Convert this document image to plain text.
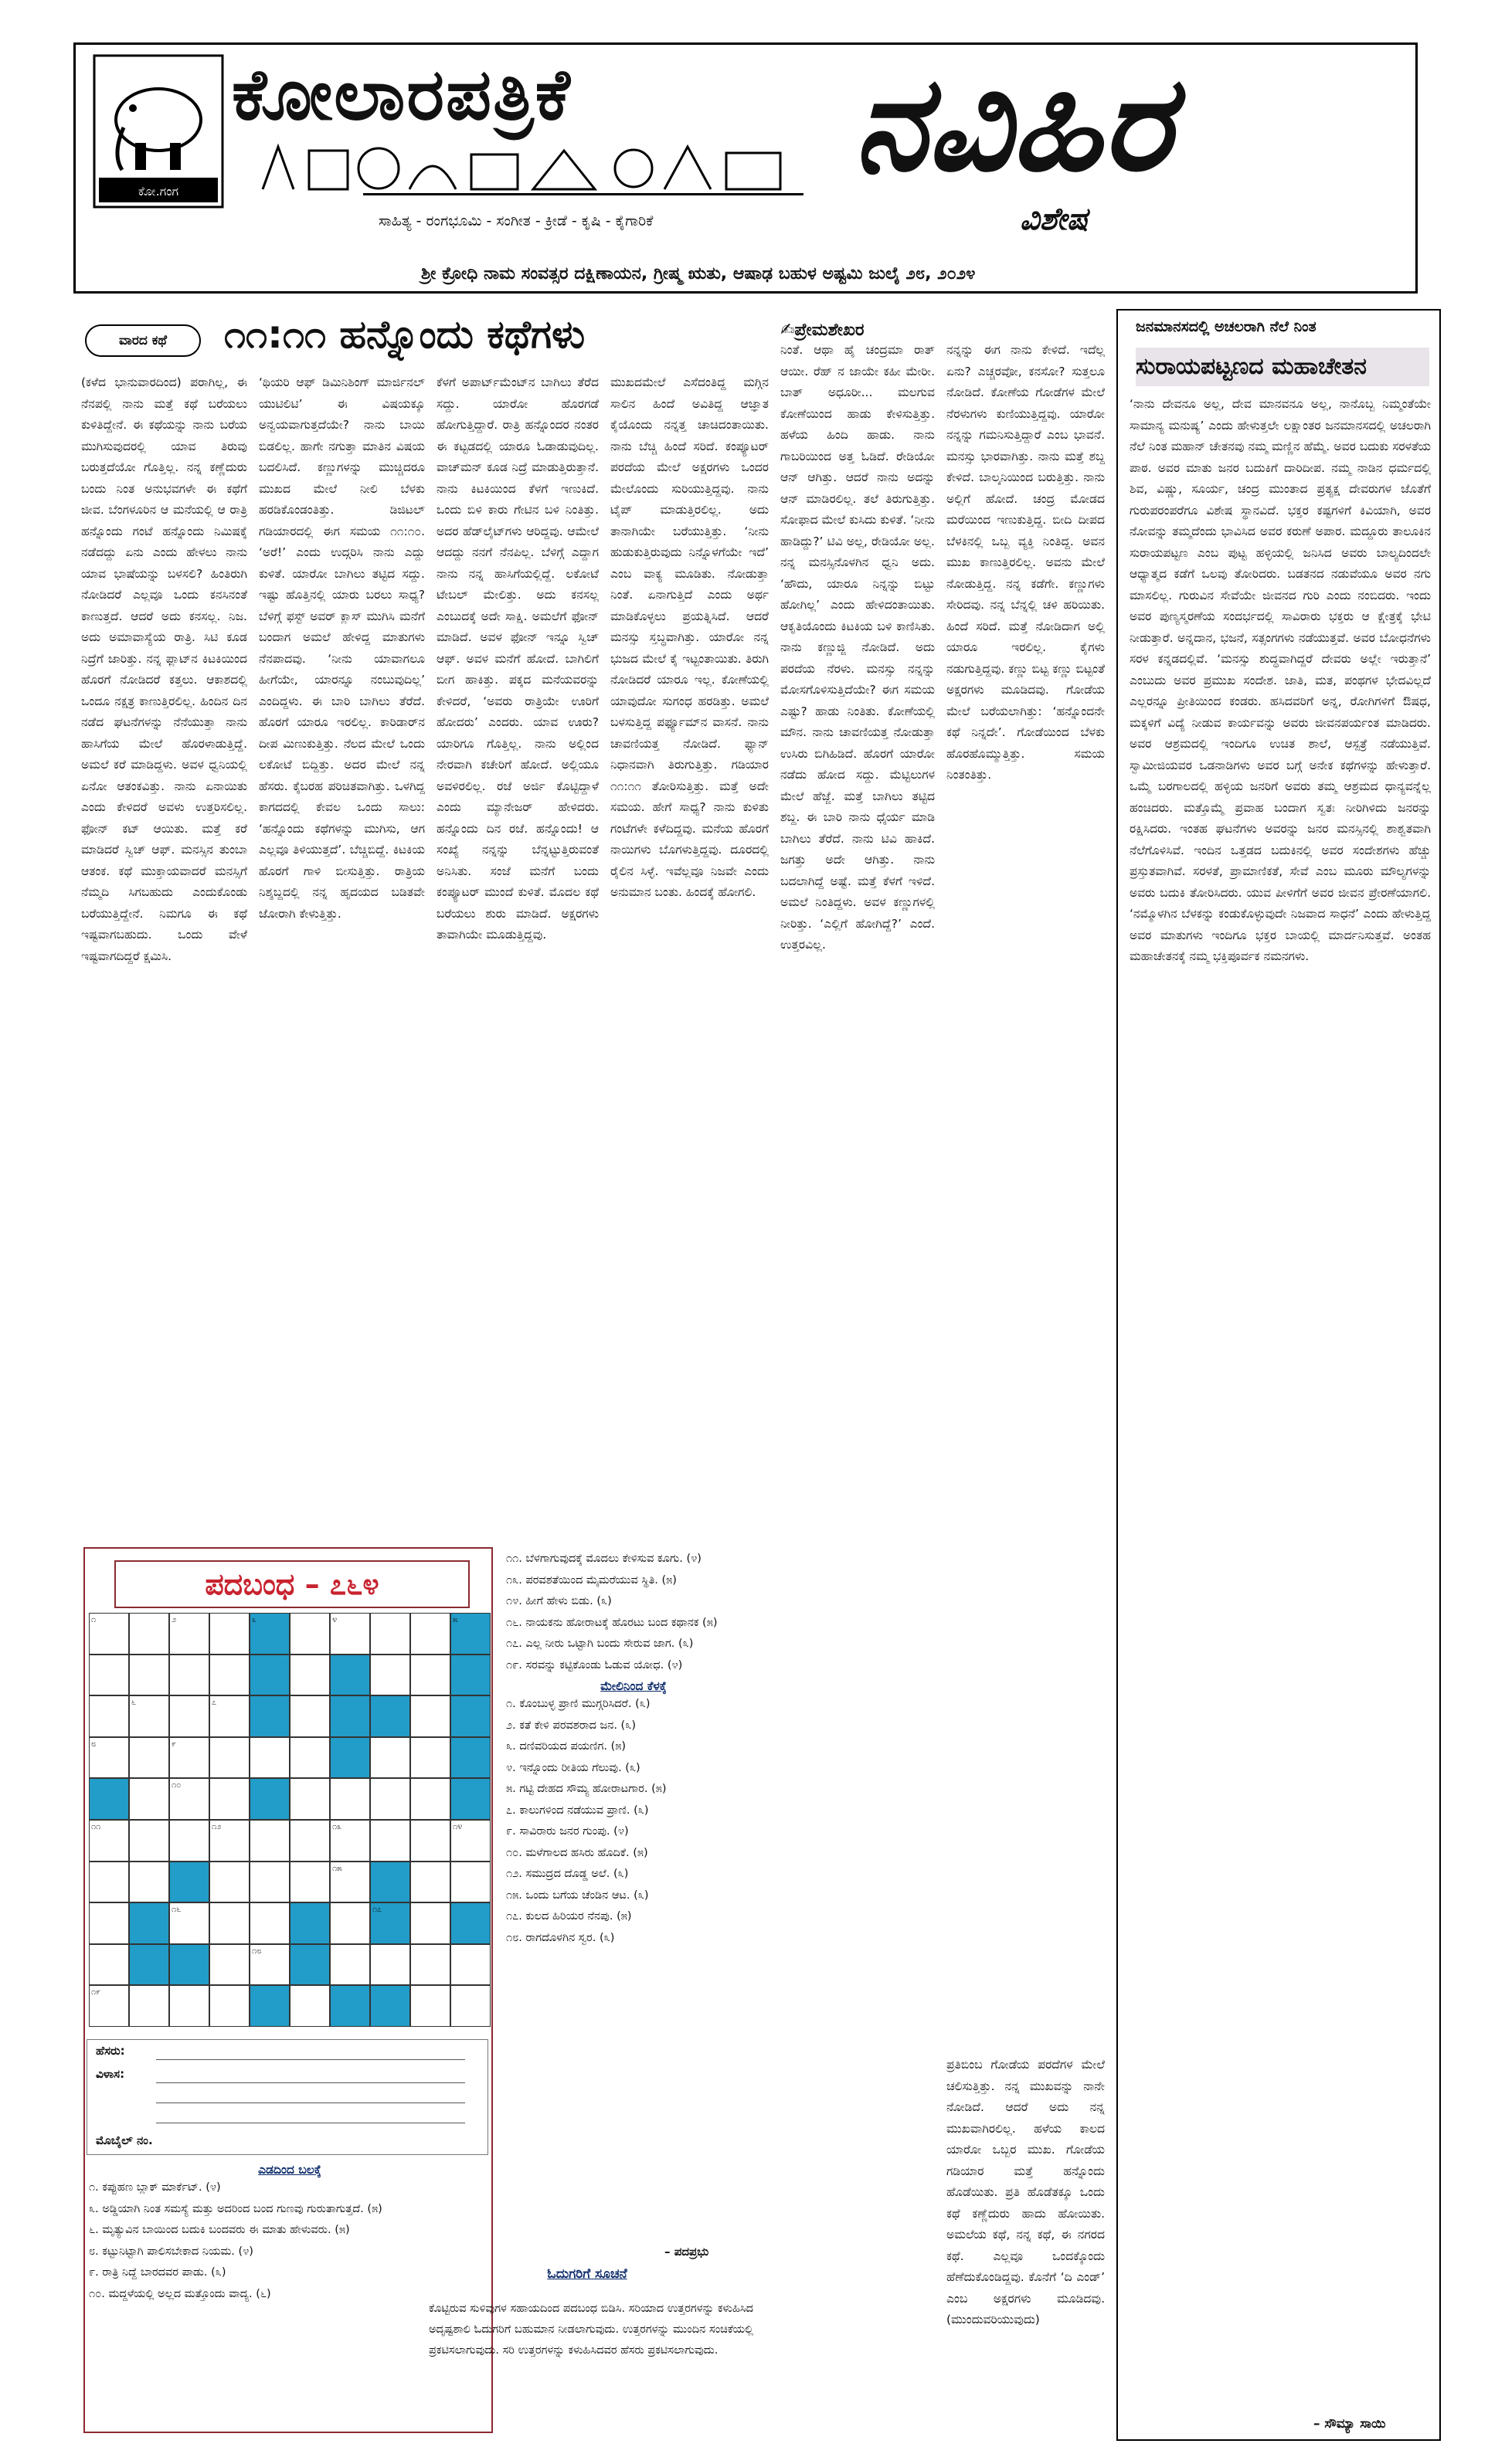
ಕೋ.ಗಂಗ
ಕೋಲಾರಪತ್ರಿಕೆ
ಸಾಹಿತ್ಯ - ರಂಗಭೂಮಿ - ಸಂಗೀತ - ಕ್ರೀಡೆ - ಕೃಷಿ - ಕೈಗಾರಿಕೆ
ನವಿಹಿರ
ವಿಶೇಷ
ಶ್ರೀ ಕ್ರೋಧಿ ನಾಮ ಸಂವತ್ಸರ ದಕ್ಷಿಣಾಯನ, ಗ್ರೀಷ್ಮ ಋತು, ಆಷಾಢ ಬಹುಳ ಅಷ್ಟಮಿ ಜುಲೈ ೨೮, ೨೦೨೪
ವಾರದ ಕಥೆ	೧೧:೧೧ ಹನ್ನೊಂದು ಕಥೆಗಳು	✍ಪ್ರೇಮಶೇಖರ
(ಕಳೆದ ಭಾನುವಾರದಿಂದ) ಪರಾಗಿಲ್ಲ, ಈ ನೆನಪಲ್ಲಿ ನಾನು ಮತ್ತೆ ಕಥೆ ಬರೆಯಲು ಕುಳಿತಿದ್ದೇನೆ. ಈ ಕಥೆಯನ್ನು ನಾನು ಬರೆಯ ಮುಗಿಸುವುದರಲ್ಲಿ ಯಾವ ತಿರುವು ಬರುತ್ತದೆಯೋ ಗೊತ್ತಿಲ್ಲ. ನನ್ನ ಕಣ್ಣೆದುರು ಬಂದು ನಿಂತ ಅನುಭವಗಳೇ ಈ ಕಥೆಗೆ ಜೀವ. ಬೆಂಗಳೂರಿನ ಆ ಮನೆಯಲ್ಲಿ ಆ ರಾತ್ರಿ ಹನ್ನೊಂದು ಗಂಟೆ ಹನ್ನೊಂದು ನಿಮಿಷಕ್ಕೆ ನಡೆದದ್ದು ಏನು ಎಂದು ಹೇಳಲು ನಾನು ಯಾವ ಭಾಷೆಯನ್ನು ಬಳಸಲಿ? ಹಿಂತಿರುಗಿ ನೋಡಿದರೆ ಎಲ್ಲವೂ ಒಂದು ಕನಸಿನಂತೆ ಕಾಣುತ್ತದೆ. ಆದರೆ ಅದು ಕನಸಲ್ಲ. ನಿಜ. ಅದು ಅಮಾವಾಸ್ಯೆಯ ರಾತ್ರಿ. ಸಿಟಿ ಕೂಡ ನಿದ್ರೆಗೆ ಜಾರಿತ್ತು. ನನ್ನ ಫ್ಲಾಟ್‌ನ ಕಿಟಕಿಯಿಂದ ಹೊರಗೆ ನೋಡಿದರೆ ಕತ್ತಲು. ಆಕಾಶದಲ್ಲಿ ಒಂದೂ ನಕ್ಷತ್ರ ಕಾಣುತ್ತಿರಲಿಲ್ಲ. ಹಿಂದಿನ ದಿನ ನಡೆದ ಘಟನೆಗಳನ್ನು ನೆನೆಯುತ್ತಾ ನಾನು ಹಾಸಿಗೆಯ ಮೇಲೆ ಹೊರಳಾಡುತ್ತಿದ್ದೆ. ಅಮಲೆ ಕರೆ ಮಾಡಿದ್ದಳು. ಅವಳ ಧ್ವನಿಯಲ್ಲಿ ಏನೋ ಆತಂಕವಿತ್ತು. ನಾನು ಏನಾಯಿತು ಎಂದು ಕೇಳಿದರೆ ಅವಳು ಉತ್ತರಿಸಲಿಲ್ಲ. ಫೋನ್ ಕಟ್ ಆಯಿತು. ಮತ್ತೆ ಕರೆ ಮಾಡಿದರೆ ಸ್ವಿಚ್ ಆಫ್. ಮನಸ್ಸಿನ ತುಂಬಾ ಆತಂಕ. ಕಥೆ ಮುಕ್ತಾಯವಾದರೆ ಮನಸ್ಸಿಗೆ ನೆಮ್ಮದಿ ಸಿಗಬಹುದು ಎಂದುಕೊಂಡು ಬರೆಯುತ್ತಿದ್ದೇನೆ. ನಿಮಗೂ ಈ ಕಥೆ ಇಷ್ಟವಾಗಬಹುದು. ಒಂದು ವೇಳೆ ಇಷ್ಟವಾಗದಿದ್ದರೆ ಕ್ಷಮಿಸಿ.
‘ಥಿಯರಿ ಆಫ್ ಡಿಮಿನಿಶಿಂಗ್ ಮಾರ್ಜಿನಲ್ ಯುಟಿಲಿಟಿ’ ಈ ವಿಷಯಕ್ಕೂ ಅನ್ವಯವಾಗುತ್ತದೆಯೇ? ನಾನು ಬಾಯಿ ಬಿಡಲಿಲ್ಲ. ಹಾಗೇ ನಗುತ್ತಾ ಮಾತಿನ ವಿಷಯ ಬದಲಿಸಿದೆ. ಕಣ್ಣುಗಳನ್ನು ಮುಚ್ಚಿದರೂ ಮುಖದ ಮೇಲೆ ನೀಲಿ ಬೆಳಕು ಹರಡಿಕೊಂಡಂತಿತ್ತು. ಡಿಜಿಟಲ್ ಗಡಿಯಾರದಲ್ಲಿ ಈಗ ಸಮಯ ೧೧:೧೦. ‘ಅರೆ!’ ಎಂದು ಉದ್ಗರಿಸಿ ನಾನು ಎದ್ದು ಕುಳಿತೆ. ಯಾರೋ ಬಾಗಿಲು ತಟ್ಟಿದ ಸದ್ದು. ಇಷ್ಟು ಹೊತ್ತಿನಲ್ಲಿ ಯಾರು ಬರಲು ಸಾಧ್ಯ? ಬೆಳಿಗ್ಗೆ ಫಸ್ಟ್ ಅವರ್ ಕ್ಲಾಸ್ ಮುಗಿಸಿ ಮನೆಗೆ ಬಂದಾಗ ಅಮಲೆ ಹೇಳಿದ್ದ ಮಾತುಗಳು ನೆನಪಾದವು. ‘ನೀನು ಯಾವಾಗಲೂ ಹೀಗೆಯೇ, ಯಾರನ್ನೂ ನಂಬುವುದಿಲ್ಲ’ ಎಂದಿದ್ದಳು. ಈ ಬಾರಿ ಬಾಗಿಲು ತೆರೆದೆ. ಹೊರಗೆ ಯಾರೂ ಇರಲಿಲ್ಲ. ಕಾರಿಡಾರ್‌ನ ದೀಪ ಮಿಣುಕುತ್ತಿತ್ತು. ನೆಲದ ಮೇಲೆ ಒಂದು ಲಕೋಟೆ ಬಿದ್ದಿತ್ತು. ಅದರ ಮೇಲೆ ನನ್ನ ಹೆಸರು. ಕೈಬರಹ ಪರಿಚಿತವಾಗಿತ್ತು. ಒಳಗಿದ್ದ ಕಾಗದದಲ್ಲಿ ಕೇವಲ ಒಂದು ಸಾಲು: ‘ಹನ್ನೊಂದು ಕಥೆಗಳನ್ನು ಮುಗಿಸು, ಆಗ ಎಲ್ಲವೂ ತಿಳಿಯುತ್ತದೆ’. ಬೆಚ್ಚಿಬಿದ್ದೆ. ಕಿಟಕಿಯ ಹೊರಗೆ ಗಾಳಿ ಬೀಸುತ್ತಿತ್ತು. ರಾತ್ರಿಯ ನಿಶ್ಶಬ್ದದಲ್ಲಿ ನನ್ನ ಹೃದಯದ ಬಡಿತವೇ ಜೋರಾಗಿ ಕೇಳುತ್ತಿತ್ತು.
ಕೆಳಗೆ ಅಪಾರ್ಟ್‌ಮೆಂಟ್‌ನ ಬಾಗಿಲು ತೆರೆದ ಸದ್ದು. ಯಾರೋ ಹೊರಗಡೆ ಹೋಗುತ್ತಿದ್ದಾರೆ. ರಾತ್ರಿ ಹನ್ನೊಂದರ ನಂತರ ಈ ಕಟ್ಟಡದಲ್ಲಿ ಯಾರೂ ಓಡಾಡುವುದಿಲ್ಲ. ವಾಚ್‌ಮನ್ ಕೂಡ ನಿದ್ರೆ ಮಾಡುತ್ತಿರುತ್ತಾನೆ. ನಾನು ಕಿಟಕಿಯಿಂದ ಕೆಳಗೆ ಇಣುಕಿದೆ. ಒಂದು ಬಿಳಿ ಕಾರು ಗೇಟಿನ ಬಳಿ ನಿಂತಿತ್ತು. ಅದರ ಹೆಡ್‌ಲೈಟ್‌ಗಳು ಆರಿದ್ದವು. ಆಮೇಲೆ ಆದದ್ದು ನನಗೆ ನೆನಪಿಲ್ಲ. ಬೆಳಿಗ್ಗೆ ಎದ್ದಾಗ ನಾನು ನನ್ನ ಹಾಸಿಗೆಯಲ್ಲಿದ್ದೆ. ಲಕೋಟೆ ಟೇಬಲ್ ಮೇಲಿತ್ತು. ಅದು ಕನಸಲ್ಲ ಎಂಬುದಕ್ಕೆ ಅದೇ ಸಾಕ್ಷಿ. ಅಮಲೆಗೆ ಫೋನ್ ಮಾಡಿದೆ. ಅವಳ ಫೋನ್ ಇನ್ನೂ ಸ್ವಿಚ್ ಆಫ್. ಅವಳ ಮನೆಗೆ ಹೋದೆ. ಬಾಗಿಲಿಗೆ ಬೀಗ ಹಾಕಿತ್ತು. ಪಕ್ಕದ ಮನೆಯವರನ್ನು ಕೇಳಿದರೆ, ‘ಅವರು ರಾತ್ರಿಯೇ ಊರಿಗೆ ಹೋದರು’ ಎಂದರು. ಯಾವ ಊರು? ಯಾರಿಗೂ ಗೊತ್ತಿಲ್ಲ. ನಾನು ಅಲ್ಲಿಂದ ನೇರವಾಗಿ ಕಚೇರಿಗೆ ಹೋದೆ. ಅಲ್ಲಿಯೂ ಅವಳಿರಲಿಲ್ಲ. ರಜೆ ಅರ್ಜಿ ಕೊಟ್ಟಿದ್ದಾಳೆ ಎಂದು ಮ್ಯಾನೇಜರ್ ಹೇಳಿದರು. ಹನ್ನೊಂದು ದಿನ ರಜೆ. ಹನ್ನೊಂದು! ಆ ಸಂಖ್ಯೆ ನನ್ನನ್ನು ಬೆನ್ನಟ್ಟುತ್ತಿರುವಂತೆ ಅನಿಸಿತು. ಸಂಜೆ ಮನೆಗೆ ಬಂದು ಕಂಪ್ಯೂಟರ್ ಮುಂದೆ ಕುಳಿತೆ. ಮೊದಲ ಕಥೆ ಬರೆಯಲು ಶುರು ಮಾಡಿದೆ. ಅಕ್ಷರಗಳು ತಾವಾಗಿಯೇ ಮೂಡುತ್ತಿದ್ದವು.
ಮುಖದಮೇಲೆ ಎಸೆದಂತಿದ್ದ ಮಗ್ಗಿನ ಸಾಲಿನ ಹಿಂದೆ ಅವಿತಿದ್ದ ಆಜ್ಞಾತ ಕೈಯೊಂದು ನನ್ನತ್ತ ಚಾಚಿದಂತಾಯಿತು. ನಾನು ಬೆಚ್ಚಿ ಹಿಂದೆ ಸರಿದೆ. ಕಂಪ್ಯೂಟರ್ ಪರದೆಯ ಮೇಲೆ ಅಕ್ಷರಗಳು ಒಂದರ ಮೇಲೊಂದು ಸುರಿಯುತ್ತಿದ್ದವು. ನಾನು ಟೈಪ್ ಮಾಡುತ್ತಿರಲಿಲ್ಲ. ಅದು ತಾನಾಗಿಯೇ ಬರೆಯುತ್ತಿತ್ತು. ‘ನೀನು ಹುಡುಕುತ್ತಿರುವುದು ನಿನ್ನೊಳಗೆಯೇ ಇದೆ’ ಎಂಬ ವಾಕ್ಯ ಮೂಡಿತು. ನೋಡುತ್ತಾ ನಿಂತೆ. ಏನಾಗುತ್ತಿದೆ ಎಂದು ಅರ್ಥ ಮಾಡಿಕೊಳ್ಳಲು ಪ್ರಯತ್ನಿಸಿದೆ. ಆದರೆ ಮನಸ್ಸು ಸ್ತಬ್ಧವಾಗಿತ್ತು. ಯಾರೋ ನನ್ನ ಭುಜದ ಮೇಲೆ ಕೈ ಇಟ್ಟಂತಾಯಿತು. ತಿರುಗಿ ನೋಡಿದರೆ ಯಾರೂ ಇಲ್ಲ. ಕೋಣೆಯಲ್ಲಿ ಯಾವುದೋ ಸುಗಂಧ ಹರಡಿತ್ತು. ಅಮಲೆ ಬಳಸುತ್ತಿದ್ದ ಪರ್ಫ್ಯೂಮ್‌ನ ವಾಸನೆ. ನಾನು ಚಾವಣಿಯತ್ತ ನೋಡಿದೆ. ಫ್ಯಾನ್ ನಿಧಾನವಾಗಿ ತಿರುಗುತ್ತಿತ್ತು. ಗಡಿಯಾರ ೧೧:೧೧ ತೋರಿಸುತ್ತಿತ್ತು. ಮತ್ತೆ ಅದೇ ಸಮಯ. ಹೇಗೆ ಸಾಧ್ಯ? ನಾನು ಕುಳಿತು ಗಂಟೆಗಳೇ ಕಳೆದಿದ್ದವು. ಮನೆಯ ಹೊರಗೆ ನಾಯಿಗಳು ಬೊಗಳುತ್ತಿದ್ದವು. ದೂರದಲ್ಲಿ ರೈಲಿನ ಸಿಳ್ಳೆ. ಇವೆಲ್ಲವೂ ನಿಜವೇ ಎಂದು ಅನುಮಾನ ಬಂತು. ಹಿಂದಕ್ಕೆ ಹೋಗಲಿ.
ನಿಂತೆ. ಆಥಾ ಹೈ ಚಂದ್ರಮಾ ರಾತ್ ಆಯೀ. ರೆಹ್ ನ ಜಾಯೇ ಕಹೀ ಮೇರೀ. ಬಾತ್ ಅಧೂರೀ... ಮಲಗುವ ಕೋಣೆಯಿಂದ ಹಾಡು ಕೇಳಿಸುತ್ತಿತ್ತು. ಹಳೆಯ ಹಿಂದಿ ಹಾಡು. ನಾನು ಗಾಬರಿಯಿಂದ ಅತ್ತ ಓಡಿದೆ. ರೇಡಿಯೋ ಆನ್ ಆಗಿತ್ತು. ಆದರೆ ನಾನು ಅದನ್ನು ಆನ್ ಮಾಡಿರಲಿಲ್ಲ. ತಲೆ ತಿರುಗುತ್ತಿತ್ತು. ಸೋಫಾದ ಮೇಲೆ ಕುಸಿದು ಕುಳಿತೆ. ‘ನೀನು ಹಾಡಿದ್ದು?’ ಟಿವಿ ಅಲ್ಲ, ರೇಡಿಯೋ ಅಲ್ಲ. ನನ್ನ ಮನಸ್ಸಿನೊಳಗಿನ ಧ್ವನಿ ಅದು. ‘ಹೌದು, ಯಾರೂ ನಿನ್ನನ್ನು ಬಿಟ್ಟು ಹೋಗಿಲ್ಲ’ ಎಂದು ಹೇಳಿದಂತಾಯಿತು. ಆಕೃತಿಯೊಂದು ಕಿಟಕಿಯ ಬಳಿ ಕಾಣಿಸಿತು. ನಾನು ಕಣ್ಣುಜ್ಜಿ ನೋಡಿದೆ. ಅದು ಪರದೆಯ ನೆರಳು. ಮನಸ್ಸು ನನ್ನನ್ನು ಮೋಸಗೊಳಿಸುತ್ತಿದೆಯೇ? ಈಗ ಸಮಯ ಎಷ್ಟು? ಹಾಡು ನಿಂತಿತು. ಕೋಣೆಯಲ್ಲಿ ಮೌನ. ನಾನು ಚಾವಣಿಯತ್ತ ನೋಡುತ್ತಾ ಉಸಿರು ಬಿಗಿಹಿಡಿದೆ. ಹೊರಗೆ ಯಾರೋ ನಡೆದು ಹೋದ ಸದ್ದು. ಮೆಟ್ಟಿಲುಗಳ ಮೇಲೆ ಹೆಜ್ಜೆ. ಮತ್ತೆ ಬಾಗಿಲು ತಟ್ಟಿದ ಶಬ್ದ. ಈ ಬಾರಿ ನಾನು ಧೈರ್ಯ ಮಾಡಿ ಬಾಗಿಲು ತೆರೆದೆ. ನಾನು ಟಿವಿ ಹಾಕಿದೆ. ಜಗತ್ತು ಅದೇ ಆಗಿತ್ತು. ನಾನು ಬದಲಾಗಿದ್ದೆ ಅಷ್ಟೆ. ಮತ್ತೆ ಕೆಳಗೆ ಇಳಿದೆ. ಅಮಲೆ ನಿಂತಿದ್ದಳು. ಅವಳ ಕಣ್ಣುಗಳಲ್ಲಿ ನೀರಿತ್ತು. ‘ಎಲ್ಲಿಗೆ ಹೋಗಿದ್ದೆ?’ ಎಂದೆ. ಉತ್ತರವಿಲ್ಲ.
ನನ್ನನ್ನು ಈಗ ನಾನು ಕೇಳಿದೆ. ಇದೆಲ್ಲ ಏನು? ಎಚ್ಚರವೋ, ಕನಸೋ? ಸುತ್ತಲೂ ನೋಡಿದೆ. ಕೋಣೆಯ ಗೋಡೆಗಳ ಮೇಲೆ ನೆರಳುಗಳು ಕುಣಿಯುತ್ತಿದ್ದವು. ಯಾರೋ ನನ್ನನ್ನು ಗಮನಿಸುತ್ತಿದ್ದಾರೆ ಎಂಬ ಭಾವನೆ. ಮನಸ್ಸು ಭಾರವಾಗಿತ್ತು. ನಾನು ಮತ್ತೆ ಶಬ್ದ ಕೇಳಿದೆ. ಬಾಲ್ಕನಿಯಿಂದ ಬರುತ್ತಿತ್ತು. ನಾನು ಅಲ್ಲಿಗೆ ಹೋದೆ. ಚಂದ್ರ ಮೋಡದ ಮರೆಯಿಂದ ಇಣುಕುತ್ತಿದ್ದ. ಬೀದಿ ದೀಪದ ಬೆಳಕಿನಲ್ಲಿ ಒಬ್ಬ ವ್ಯಕ್ತಿ ನಿಂತಿದ್ದ. ಅವನ ಮುಖ ಕಾಣುತ್ತಿರಲಿಲ್ಲ. ಅವನು ಮೇಲೆ ನೋಡುತ್ತಿದ್ದ. ನನ್ನ ಕಡೆಗೇ. ಕಣ್ಣುಗಳು ಸೇರಿದವು. ನನ್ನ ಬೆನ್ನಲ್ಲಿ ಚಳಿ ಹರಿಯಿತು. ಹಿಂದೆ ಸರಿದೆ. ಮತ್ತೆ ನೋಡಿದಾಗ ಅಲ್ಲಿ ಯಾರೂ ಇರಲಿಲ್ಲ. ಕೈಗಳು ನಡುಗುತ್ತಿದ್ದವು. ಕಣ್ಣು ಬಿಟ್ಟ ಕಣ್ಣು ಬಿಟ್ಟಂತೆ ಅಕ್ಷರಗಳು ಮೂಡಿದವು. ಗೋಡೆಯ ಮೇಲೆ ಬರೆಯಲಾಗಿತ್ತು: ‘ಹನ್ನೊಂದನೇ ಕಥೆ ನಿನ್ನದೇ’. ಗೋಡೆಯಿಂದ ಬೆಳಕು ಹೊರಹೊಮ್ಮುತ್ತಿತ್ತು. ಸಮಯ ನಿಂತಂತಿತ್ತು.
ಪ್ರತಿಬಿಂಬ ಗೋಡೆಯ ಪರದೆಗಳ ಮೇಲೆ ಚಲಿಸುತ್ತಿತ್ತು. ನನ್ನ ಮುಖವನ್ನು ನಾನೇ ನೋಡಿದೆ. ಆದರೆ ಅದು ನನ್ನ ಮುಖವಾಗಿರಲಿಲ್ಲ. ಹಳೆಯ ಕಾಲದ ಯಾರೋ ಒಬ್ಬರ ಮುಖ. ಗೋಡೆಯ ಗಡಿಯಾರ ಮತ್ತೆ ಹನ್ನೊಂದು ಹೊಡೆಯಿತು. ಪ್ರತಿ ಹೊಡೆತಕ್ಕೂ ಒಂದು ಕಥೆ ಕಣ್ಣೆದುರು ಹಾದು ಹೋಯಿತು. ಅಮಲೆಯ ಕಥೆ, ನನ್ನ ಕಥೆ, ಈ ನಗರದ ಕಥೆ. ಎಲ್ಲವೂ ಒಂದಕ್ಕೊಂದು ಹೆಣೆದುಕೊಂಡಿದ್ದವು. ಕೊನೆಗೆ ‘ದಿ ಎಂಡ್’ ಎಂಬ ಅಕ್ಷರಗಳು ಮೂಡಿದವು. (ಮುಂದುವರಿಯುವುದು)
ಜನಮಾನಸದಲ್ಲಿ ಅಚಲರಾಗಿ ನೆಲೆ ನಿಂತ
ಸುರಾಯಪಟ್ಟಣದ ಮಹಾಚೇತನ
‘ನಾನು ದೇವನೂ ಅಲ್ಲ, ದೇವ ಮಾನವನೂ ಅಲ್ಲ, ನಾನೊಬ್ಬ ನಿಮ್ಮಂತೆಯೇ ಸಾಮಾನ್ಯ ಮನುಷ್ಯ’ ಎಂದು ಹೇಳುತ್ತಲೇ ಲಕ್ಷಾಂತರ ಜನಮಾನಸದಲ್ಲಿ ಅಚಲರಾಗಿ ನೆಲೆ ನಿಂತ ಮಹಾನ್ ಚೇತನವು ನಮ್ಮ ಮಣ್ಣಿನ ಹೆಮ್ಮೆ. ಅವರ ಬದುಕು ಸರಳತೆಯ ಪಾಠ. ಅವರ ಮಾತು ಜನರ ಬದುಕಿಗೆ ದಾರಿದೀಪ. ನಮ್ಮ ನಾಡಿನ ಧರ್ಮದಲ್ಲಿ ಶಿವ, ವಿಷ್ಣು, ಸೂರ್ಯ, ಚಂದ್ರ ಮುಂತಾದ ಪ್ರತ್ಯಕ್ಷ ದೇವರುಗಳ ಜೊತೆಗೆ ಗುರುಪರಂಪರೆಗೂ ವಿಶೇಷ ಸ್ಥಾನವಿದೆ. ಭಕ್ತರ ಕಷ್ಟಗಳಿಗೆ ಕಿವಿಯಾಗಿ, ಅವರ ನೋವನ್ನು ತಮ್ಮದೆಂದು ಭಾವಿಸಿದ ಅವರ ಕರುಣೆ ಅಪಾರ. ಮದ್ದೂರು ತಾಲೂಕಿನ ಸುರಾಯಪಟ್ಟಣ ಎಂಬ ಪುಟ್ಟ ಹಳ್ಳಿಯಲ್ಲಿ ಜನಿಸಿದ ಅವರು ಬಾಲ್ಯದಿಂದಲೇ ಆಧ್ಯಾತ್ಮದ ಕಡೆಗೆ ಒಲವು ತೋರಿದರು. ಬಡತನದ ನಡುವೆಯೂ ಅವರ ನಗು ಮಾಸಲಿಲ್ಲ. ಗುರುವಿನ ಸೇವೆಯೇ ಜೀವನದ ಗುರಿ ಎಂದು ನಂಬಿದರು. ಇಂದು ಅವರ ಪುಣ್ಯಸ್ಮರಣೆಯ ಸಂದರ್ಭದಲ್ಲಿ ಸಾವಿರಾರು ಭಕ್ತರು ಆ ಕ್ಷೇತ್ರಕ್ಕೆ ಭೇಟಿ ನೀಡುತ್ತಾರೆ. ಅನ್ನದಾನ, ಭಜನೆ, ಸತ್ಸಂಗಗಳು ನಡೆಯುತ್ತವೆ. ಅವರ ಬೋಧನೆಗಳು ಸರಳ ಕನ್ನಡದಲ್ಲಿವೆ. ‘ಮನಸ್ಸು ಶುದ್ಧವಾಗಿದ್ದರೆ ದೇವರು ಅಲ್ಲೇ ಇರುತ್ತಾನೆ’ ಎಂಬುದು ಅವರ ಪ್ರಮುಖ ಸಂದೇಶ. ಜಾತಿ, ಮತ, ಪಂಥಗಳ ಭೇದವಿಲ್ಲದೆ ಎಲ್ಲರನ್ನೂ ಪ್ರೀತಿಯಿಂದ ಕಂಡರು. ಹಸಿದವರಿಗೆ ಅನ್ನ, ರೋಗಿಗಳಿಗೆ ಔಷಧ, ಮಕ್ಕಳಿಗೆ ವಿದ್ಯೆ ನೀಡುವ ಕಾರ್ಯವನ್ನು ಅವರು ಜೀವನಪರ್ಯಂತ ಮಾಡಿದರು. ಅವರ ಆಶ್ರಮದಲ್ಲಿ ಇಂದಿಗೂ ಉಚಿತ ಶಾಲೆ, ಆಸ್ಪತ್ರೆ ನಡೆಯುತ್ತಿವೆ. ಸ್ವಾಮೀಜಿಯವರ ಒಡನಾಡಿಗಳು ಅವರ ಬಗ್ಗೆ ಅನೇಕ ಕಥೆಗಳನ್ನು ಹೇಳುತ್ತಾರೆ. ಒಮ್ಮೆ ಬರಗಾಲದಲ್ಲಿ ಹಳ್ಳಿಯ ಜನರಿಗೆ ಅವರು ತಮ್ಮ ಆಶ್ರಮದ ಧಾನ್ಯವನ್ನೆಲ್ಲ ಹಂಚಿದರು. ಮತ್ತೊಮ್ಮೆ ಪ್ರವಾಹ ಬಂದಾಗ ಸ್ವತಃ ನೀರಿಗಿಳಿದು ಜನರನ್ನು ರಕ್ಷಿಸಿದರು. ಇಂತಹ ಘಟನೆಗಳು ಅವರನ್ನು ಜನರ ಮನಸ್ಸಿನಲ್ಲಿ ಶಾಶ್ವತವಾಗಿ ನೆಲೆಗೊಳಿಸಿವೆ. ಇಂದಿನ ಒತ್ತಡದ ಬದುಕಿನಲ್ಲಿ ಅವರ ಸಂದೇಶಗಳು ಹೆಚ್ಚು ಪ್ರಸ್ತುತವಾಗಿವೆ. ಸರಳತೆ, ಪ್ರಾಮಾಣಿಕತೆ, ಸೇವೆ ಎಂಬ ಮೂರು ಮೌಲ್ಯಗಳನ್ನು ಅವರು ಬದುಕಿ ತೋರಿಸಿದರು. ಯುವ ಪೀಳಿಗೆಗೆ ಅವರ ಜೀವನ ಪ್ರೇರಣೆಯಾಗಲಿ. ‘ನಮ್ಮೊಳಗಿನ ಬೆಳಕನ್ನು ಕಂಡುಕೊಳ್ಳುವುದೇ ನಿಜವಾದ ಸಾಧನೆ’ ಎಂದು ಹೇಳುತ್ತಿದ್ದ ಅವರ ಮಾತುಗಳು ಇಂದಿಗೂ ಭಕ್ತರ ಬಾಯಲ್ಲಿ ಮಾರ್ದನಿಸುತ್ತವೆ. ಅಂತಹ ಮಹಾಚೇತನಕ್ಕೆ ನಮ್ಮ ಭಕ್ತಿಪೂರ್ವಕ ನಮನಗಳು.
– ಸೌಮ್ಯಾ ಸಾಯಿ
ಪದಬಂಧ – ೭೬೪
೧	೨	೩	೪	೫
೬	೭
೮	೯
೧೦
೧೧	೧೨	೧೩	೧೪
೧೫
೧೬	೧೭
೧೮
೧೯
ಹೆಸರು:
ವಿಳಾಸ:
ಮೊಬೈಲ್ ನಂ.
ಎಡದಿಂದ ಬಲಕ್ಕೆ
೧. ಕಪ್ಪುಹಣ ಬ್ಲಾಕ್ ಮಾರ್ಕೆಟ್. (೪)
೩. ಅಡ್ಡಿಯಾಗಿ ನಿಂತ ಸಮಸ್ಯೆ ಮತ್ತು ಅದರಿಂದ ಬಂದ ಗುಣವು ಗುರುತಾಗುತ್ತದೆ. (೫)
೬. ಮೃತ್ಯುವಿನ ಬಾಯಿಂದ ಬದುಕಿ ಬಂದವರು ಈ ಮಾತು ಹೇಳುವರು. (೫)
೮. ಕಟ್ಟುನಿಟ್ಟಾಗಿ ಪಾಲಿಸಬೇಕಾದ ನಿಯಮ. (೪)
೯. ರಾತ್ರಿ ನಿದ್ದೆ ಬಾರದವರ ಪಾಡು. (೩)
೧೦. ಮದ್ದಳೆಯಲ್ಲಿ ಅಲ್ಲದ ಮತ್ತೊಂದು ವಾದ್ಯ. (೬)
೧೧. ಬೆಳಗಾಗುವುದಕ್ಕೆ ಮೊದಲು ಕೇಳಿಸುವ ಕೂಗು. (೪)
೧೩. ಪರವಶತೆಯಿಂದ ಮೈಮರೆಯುವ ಸ್ಥಿತಿ. (೫)
೧೪. ಹೀಗೆ ಹೇಳು ಬಿಡು. (೩)
೧೬. ನಾಯಕನು ಹೋರಾಟಕ್ಕೆ ಹೊರಟು ಬಂದ ಕಥಾನಕ (೫)
೧೭. ಎಲ್ಲ ನೀರು ಒಟ್ಟಾಗಿ ಬಂದು ಸೇರುವ ಜಾಗ. (೩)
೧೯. ಸರವನ್ನು ಕಟ್ಟಿಕೊಂಡು ಓಡುವ ಯೋಧ. (೪)
ಮೇಲಿನಿಂದ ಕೆಳಕ್ಕೆ
೧. ಕೊಂಬುಳ್ಳ ಪ್ರಾಣಿ ಮುಗ್ಗರಿಸಿದರೆ. (೩)
೨. ಕತೆ ಕೇಳಿ ಪರವಶರಾದ ಜನ. (೩)
೩. ದಣಿವರಿಯದ ಪಯಣಿಗ. (೫)
೪. ಇನ್ನೊಂದು ರೀತಿಯ ಗೆಲುವು. (೩)
೫. ಗಟ್ಟಿ ದೇಹದ ಸೌಮ್ಯ ಹೋರಾಟಗಾರ. (೫)
೭. ಕಾಲುಗಳಿಂದ ನಡೆಯುವ ಪ್ರಾಣಿ. (೩)
೯. ಸಾವಿರಾರು ಜನರ ಗುಂಪು. (೪)
೧೦. ಮಳೆಗಾಲದ ಹಸಿರು ಹೊದಿಕೆ. (೫)
೧೨. ಸಮುದ್ರದ ದೊಡ್ಡ ಅಲೆ. (೩)
೧೫. ಒಂದು ಬಗೆಯ ಚೆಂಡಿನ ಆಟ. (೩)
೧೭. ಕುಲದ ಹಿರಿಯರ ನೆನಪು. (೫)
೧೮. ರಾಗದೊಳಗಿನ ಸ್ವರ. (೩)
– ಪದಪ್ರಭು
ಓದುಗರಿಗೆ ಸೂಚನೆ
ಕೊಟ್ಟಿರುವ ಸುಳಿವುಗಳ ಸಹಾಯದಿಂದ ಪದಬಂಧ ಬಿಡಿಸಿ. ಸರಿಯಾದ ಉತ್ತರಗಳನ್ನು ಕಳುಹಿಸಿದ ಅದೃಷ್ಟಶಾಲಿ ಓದುಗರಿಗೆ ಬಹುಮಾನ ನೀಡಲಾಗುವುದು. ಉತ್ತರಗಳನ್ನು ಮುಂದಿನ ಸಂಚಿಕೆಯಲ್ಲಿ ಪ್ರಕಟಿಸಲಾಗುವುದು. ಸರಿ ಉತ್ತರಗಳನ್ನು ಕಳುಹಿಸಿದವರ ಹೆಸರು ಪ್ರಕಟಿಸಲಾಗುವುದು.
